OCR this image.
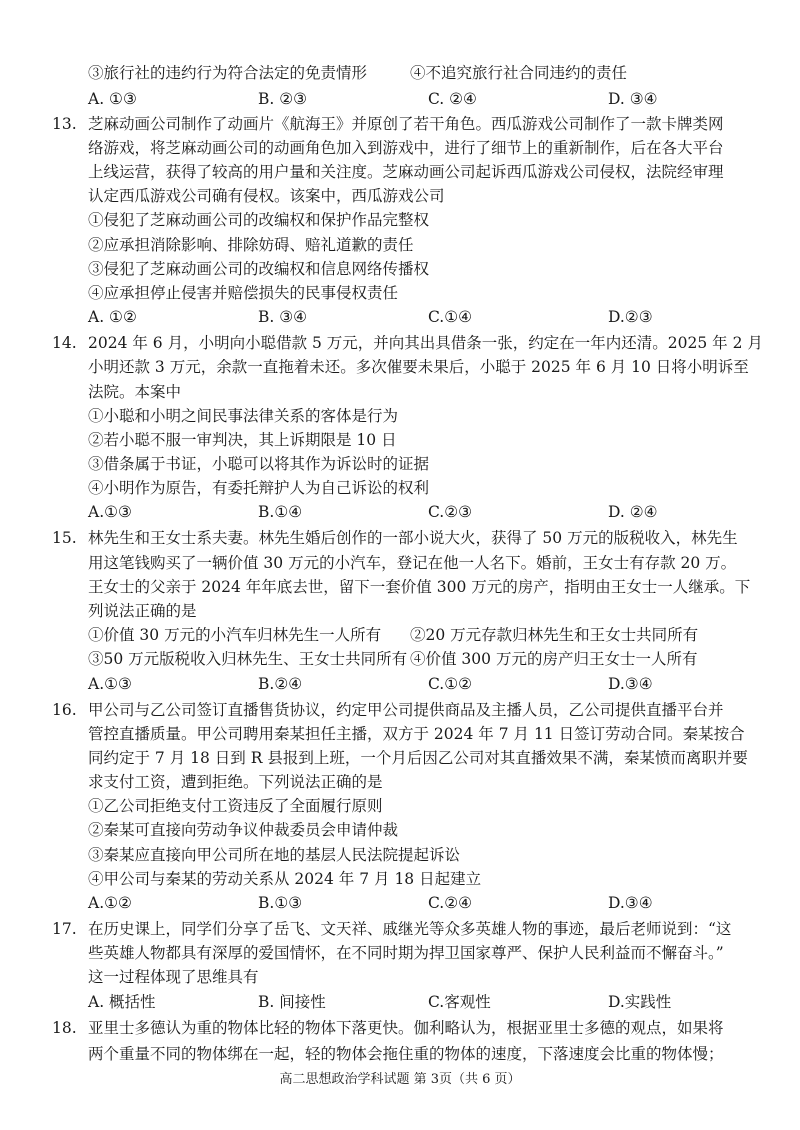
③旅行社的违约行为符合法定的免责情形	④不追究旅行社合同违约的责任
A. ①③	B. ②③	C. ②④	D. ③④
13. 芝麻动画公司制作了动画片《航海王》并原创了若干角色。西瓜游戏公司制作了一款卡牌类网
络游戏，将芝麻动画公司的动画角色加入到游戏中，进行了细节上的重新制作，后在各大平台
上线运营，获得了较高的用户量和关注度。芝麻动画公司起诉西瓜游戏公司侵权，法院经审理
认定西瓜游戏公司确有侵权。该案中，西瓜游戏公司
①侵犯了芝麻动画公司的改编权和保护作品完整权
②应承担消除影响、排除妨碍、赔礼道歉的责任
③侵犯了芝麻动画公司的改编权和信息网络传播权
④应承担停止侵害并赔偿损失的民事侵权责任
A. ①②	B. ③④	C.①④	D.②③
14. 2024 年 6 月，小明向小聪借款 5 万元，并向其出具借条一张，约定在一年内还清。2025 年 2 月
小明还款 3 万元，余款一直拖着未还。多次催要未果后，小聪于 2025 年 6 月 10 日将小明诉至
法院。本案中
①小聪和小明之间民事法律关系的客体是行为
②若小聪不服一审判决，其上诉期限是 10 日
③借条属于书证，小聪可以将其作为诉讼时的证据
④小明作为原告，有委托辩护人为自己诉讼的权利
A.①③	B.①④	C.②③	D. ②④
15. 林先生和王女士系夫妻。林先生婚后创作的一部小说大火，获得了 50 万元的版税收入，林先生
用这笔钱购买了一辆价值 30 万元的小汽车，登记在他一人名下。婚前，王女士有存款 20 万。
王女士的父亲于 2024 年年底去世，留下一套价值 300 万元的房产，指明由王女士一人继承。下
列说法正确的是
①价值 30 万元的小汽车归林先生一人所有 ②20 万元存款归林先生和王女士共同所有
③50 万元版税收入归林先生、王女士共同所有 ④价值 300 万元的房产归王女士一人所有
A.①③	B.②④	C.①②	D.③④
16. 甲公司与乙公司签订直播售货协议，约定甲公司提供商品及主播人员，乙公司提供直播平台并
管控直播质量。甲公司聘用秦某担任主播，双方于 2024 年 7 月 11 日签订劳动合同。秦某按合
同约定于 7 月 18 日到 R 县报到上班，一个月后因乙公司对其直播效果不满，秦某愤而离职并要
求支付工资，遭到拒绝。下列说法正确的是
①乙公司拒绝支付工资违反了全面履行原则
②秦某可直接向劳动争议仲裁委员会申请仲裁
③秦某应直接向甲公司所在地的基层人民法院提起诉讼
④甲公司与秦某的劳动关系从 2024 年 7 月 18 日起建立
A.①②	B.①③	C.②④	D.③④
17. 在历史课上，同学们分享了岳飞、文天祥、戚继光等众多英雄人物的事迹，最后老师说到：“这
些英雄人物都具有深厚的爱国情怀，在不同时期为捍卫国家尊严、保护人民利益而不懈奋斗。”
这一过程体现了思维具有
高二思想政治学科试题 第 3页（共 6 页）
A. 概括性	B. 间接性	C.客观性	D.实践性
18. 亚里士多德认为重的物体比轻的物体下落更快。伽利略认为，根据亚里士多德的观点，如果将
两个重量不同的物体绑在一起，轻的物体会拖住重的物体的速度，下落速度会比重的物体慢；
